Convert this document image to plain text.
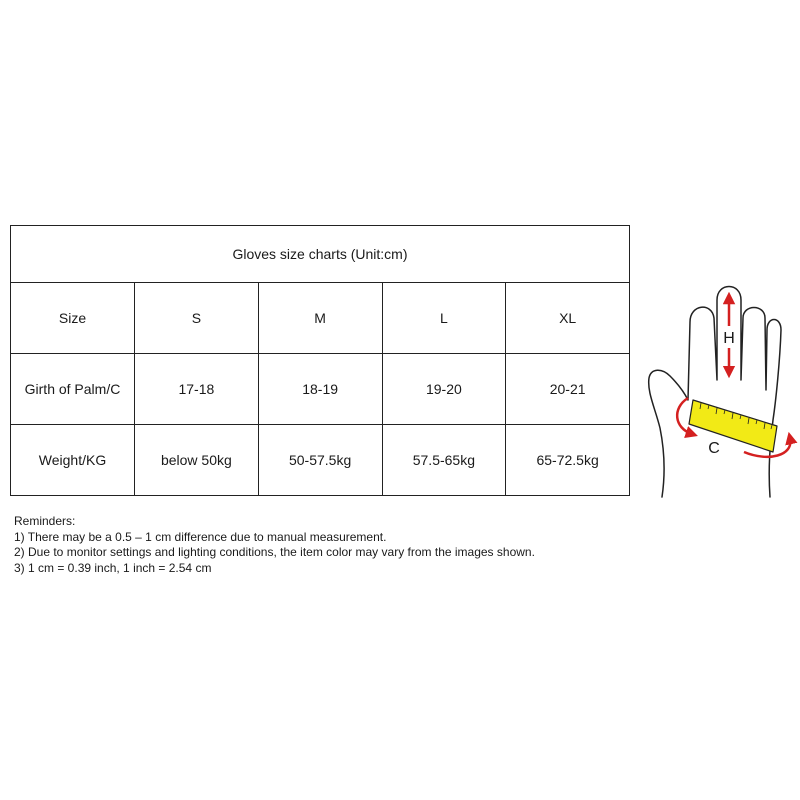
Gloves size charts (Unit:cm)				
Size	S	M	L	XL
Girth of Palm/C	17-18	18-19	19-20	20-21
Weight/KG	below 50kg	50-57.5kg	57.5-65kg	65-72.5kg
Reminders:
1) There may be a 0.5 – 1 cm difference due to manual measurement.
2) Due to monitor settings and lighting conditions, the item color may vary from the images shown.
3) 1 cm = 0.39 inch, 1 inch = 2.54 cm
H
C
